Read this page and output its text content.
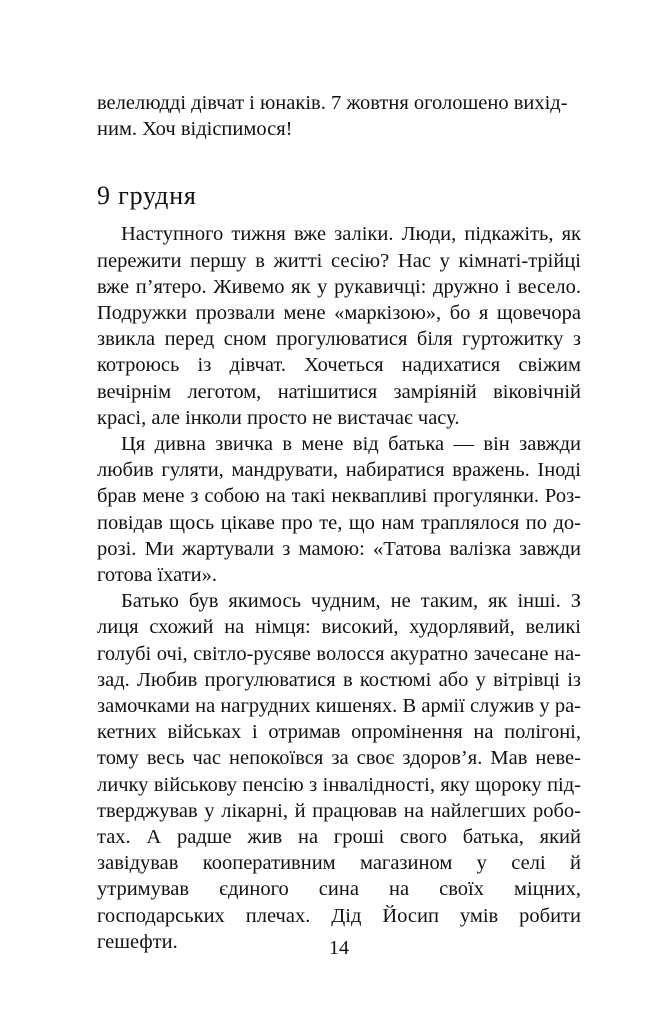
велелюдді дівчат і юнаків. 7 жовтня оголошено вихід-
ним. Хоч відіспимося!

9 грудня

Наступного тижня вже заліки. Люди, підкажіть, як пережити першу в житті сесію? Нас у кімнаті-трійці вже п’ятеро. Живемо як у рукавичці: дружно і весело. Подружки прозвали мене «маркізою», бо я щовечора звикла перед сном прогулюватися біля гуртожитку з котроюсь із дівчат. Хочеться надихатися свіжим вечірнім леготом, натішитися замріяній віковічній красі, але інколи просто не вистачає часу.

Ця дивна звичка в мене від батька — він завжди любив гуляти, мандрувати, набиратися вражень. Іноді брав мене з собою на такі неквапливі прогулянки. Розповідав щось цікаве про те, що нам траплялося по дорозі. Ми жартували з мамою: «Татова валізка завжди готова їхати».

Батько був якимось чудним, не таким, як інші. З лиця схожий на німця: високий, худорлявий, великі голубі очі, світло-русяве волосся акуратно зачесане назад. Любив прогулюватися в костюмі або у вітрівці із замочками на нагрудних кишенях. В армії служив у ракетних військах і отримав опромінення на полігоні, тому весь час непокоївся за своє здоров’я. Мав невеличку військову пенсію з інвалідності, яку щороку підтверджував у лікарні, й працював на найлегших роботах. А радше жив на гроші свого батька, який завідував кооперативним магазином у селі й утримував єдиного сина на своїх міцних, господарських плечах. Дід Йосип умів робити гешефти.	14
